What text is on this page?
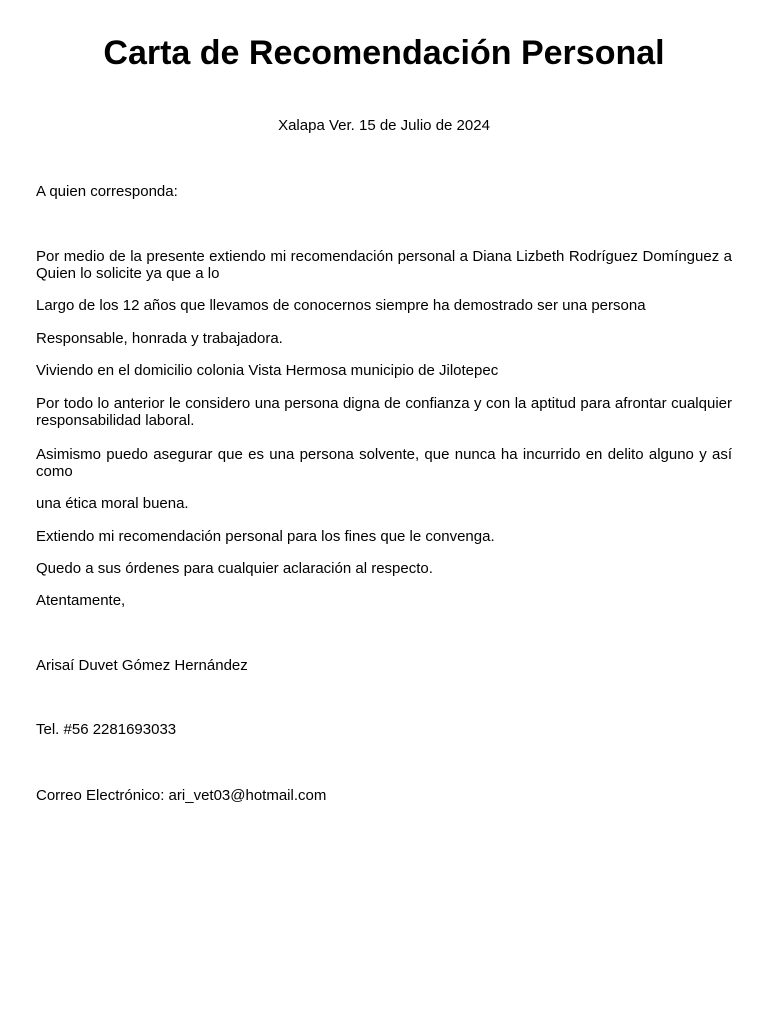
Carta de Recomendación Personal
Xalapa Ver. 15 de Julio de 2024

A quien corresponda:

Por medio de la presente extiendo mi recomendación personal a Diana Lizbeth Rodríguez Domínguez a Quien lo solicite ya que a lo

Largo de los 12 años que llevamos de conocernos siempre ha demostrado ser una persona

Responsable, honrada y trabajadora.

Viviendo en el domicilio colonia Vista Hermosa municipio de Jilotepec

Por todo lo anterior le considero una persona digna de confianza y con la aptitud para afrontar cualquier responsabilidad laboral.

Asimismo puedo asegurar que es una persona solvente, que nunca ha incurrido en delito alguno y así como

una ética moral buena.

Extiendo mi recomendación personal para los fines que le convenga.

Quedo a sus órdenes para cualquier aclaración al respecto.

Atentamente,

Arisaí Duvet Gómez Hernández

Tel. #56 2281693033

Correo Electrónico: ari_vet03@hotmail.com
